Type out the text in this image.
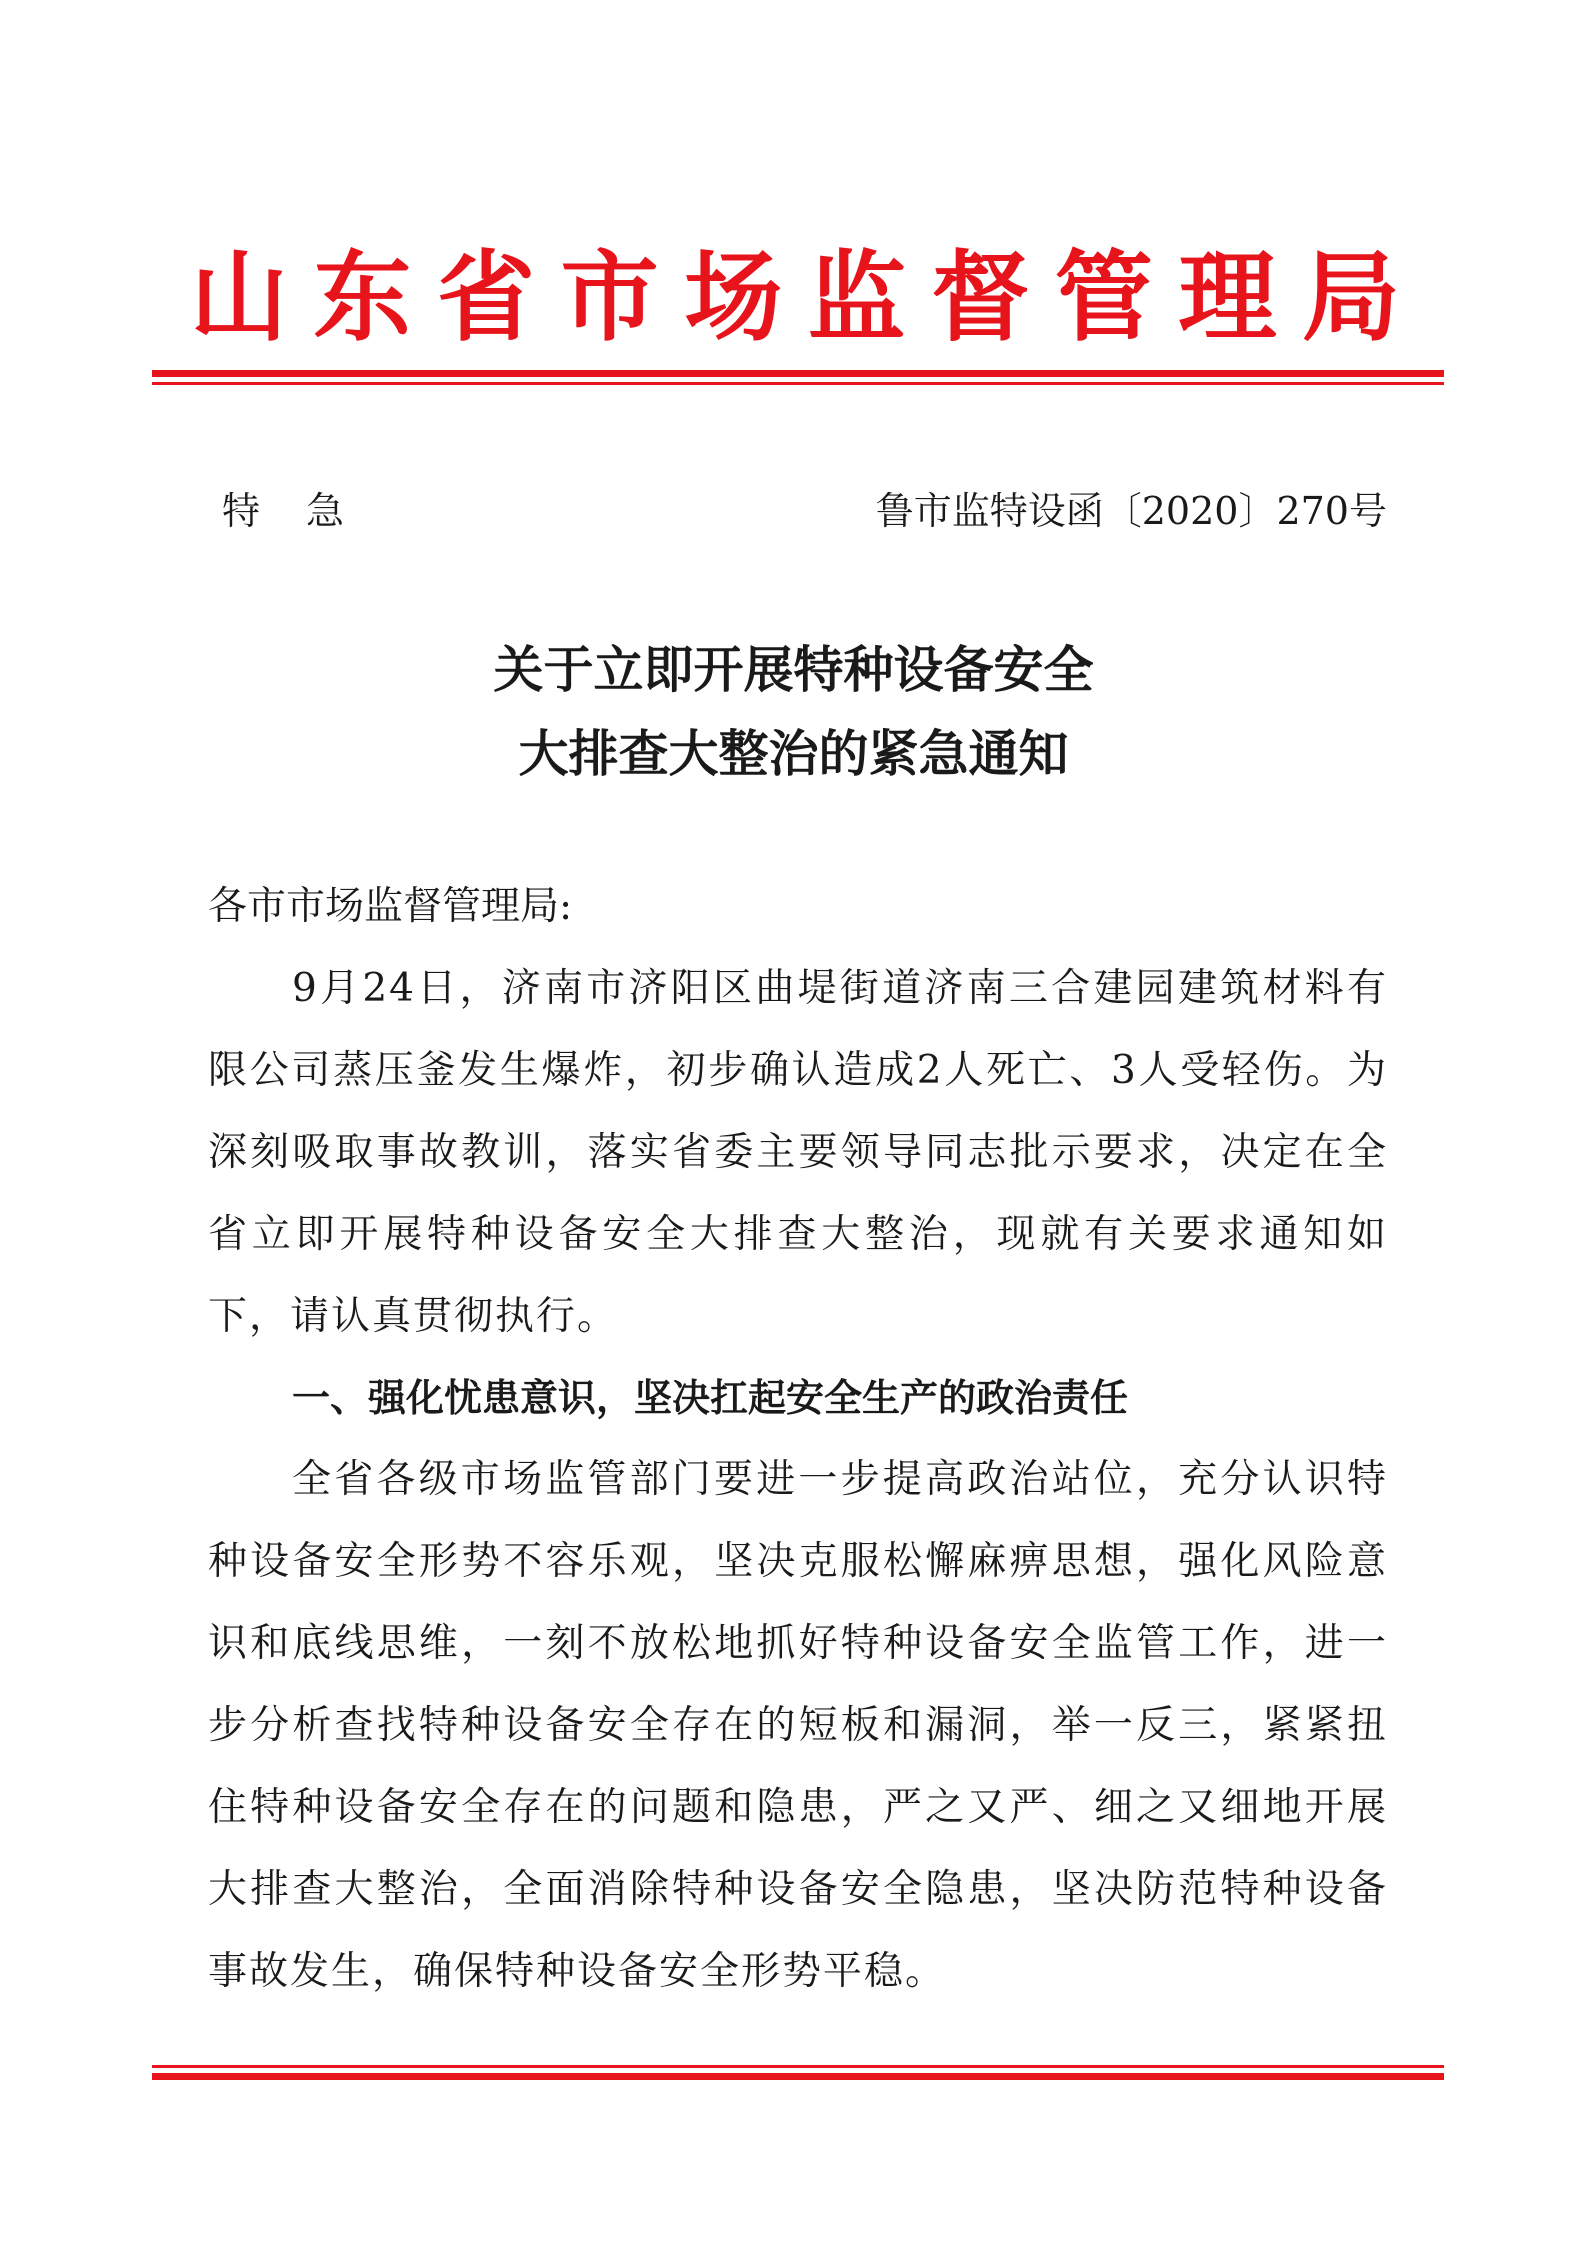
山东省市场监督管理局
特急	鲁市监特设函〔2020〕270号
关于立即开展特种设备安全
大排查大整治的紧急通知
各市市场监督管理局:

9月24日，济南市济阳区曲堤街道济南三合建园建筑材料有限公司蒸压釜发生爆炸，初步确认造成2人死亡、3人受轻伤。为深刻吸取事故教训，落实省委主要领导同志批示要求，决定在全省立即开展特种设备安全大排查大整治，现就有关要求通知如下，请认真贯彻执行。

一、强化忧患意识，坚决扛起安全生产的政治责任

全省各级市场监管部门要进一步提高政治站位，充分认识特种设备安全形势不容乐观，坚决克服松懈麻痹思想，强化风险意识和底线思维，一刻不放松地抓好特种设备安全监管工作，进一步分析查找特种设备安全存在的短板和漏洞，举一反三，紧紧扭住特种设备安全存在的问题和隐患，严之又严、细之又细地开展大排查大整治，全面消除特种设备安全隐患，坚决防范特种设备事故发生，确保特种设备安全形势平稳。
